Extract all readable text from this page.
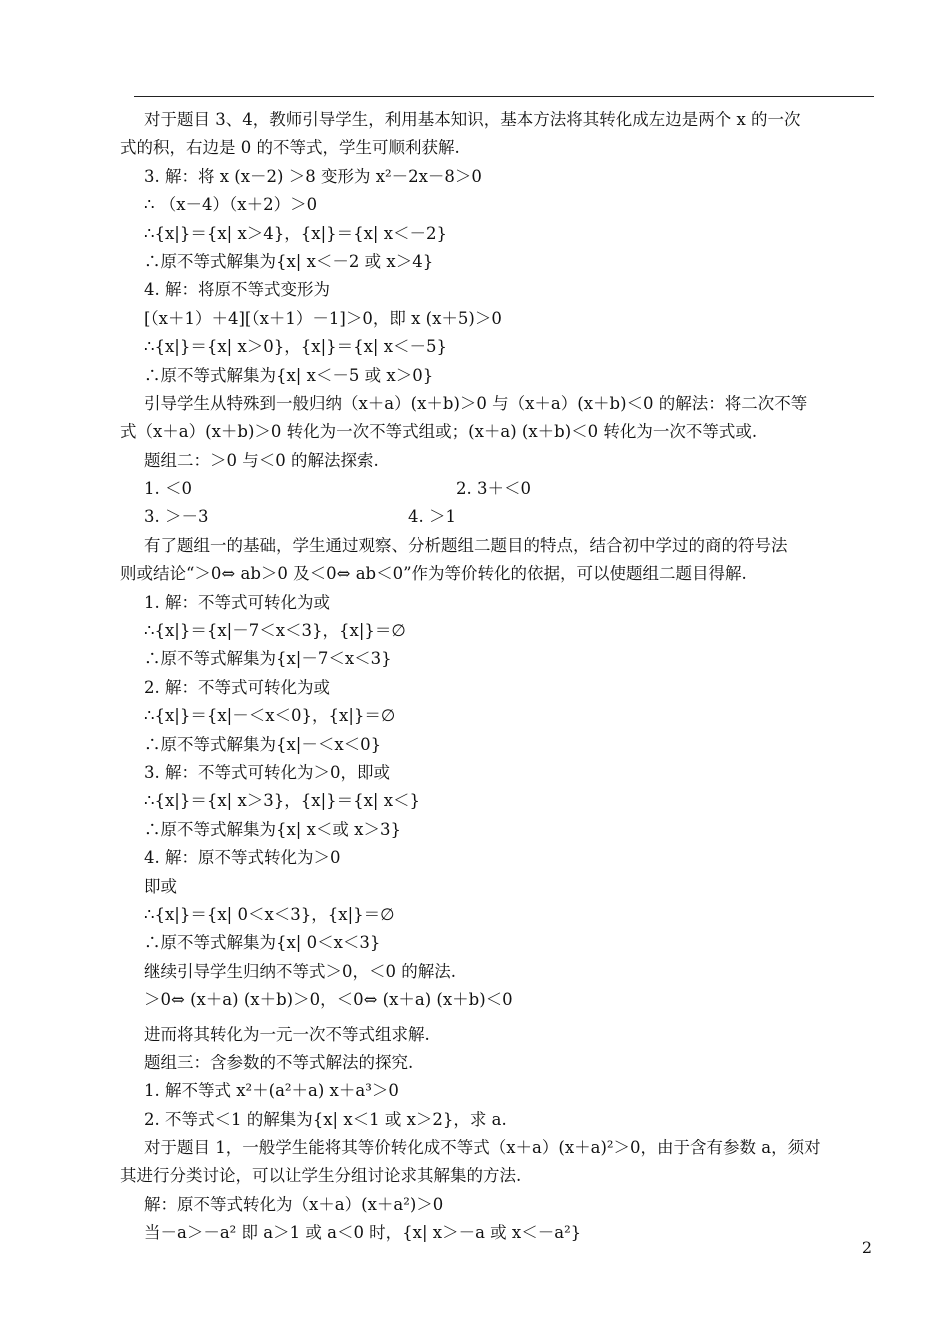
对于题目 3、4，教师引导学生，利用基本知识，基本方法将其转化成左边是两个 x 的一次
式的积，右边是 0 的不等式，学生可顺利获解.
3. 解：将 x (x－2) ＞8 变形为 x²－2x－8＞0
∴ （x－4）（x＋2）＞0
∴{x|}＝{x| x＞4}，{x|}＝{x| x＜－2}
∴原不等式解集为{x| x＜－2 或 x＞4}
4. 解：将原不等式变形为
[（x＋1）＋4][（x＋1）－1]＞0，即 x (x＋5)＞0
∴{x|}＝{x| x＞0}，{x|}＝{x| x＜－5}
∴原不等式解集为{x| x＜－5 或 x＞0}
引导学生从特殊到一般归纳（x＋a）(x＋b)＞0 与（x＋a）(x＋b)＜0 的解法：将二次不等
式（x＋a）(x＋b)＞0 转化为一次不等式组或；(x＋a) (x＋b)＜0 转化为一次不等式或.
题组二：＞0 与＜0 的解法探索.
1. ＜0	2. 3＋＜0
3. ＞－3	4. ＞1
有了题组一的基础，学生通过观察、分析题组二题目的特点，结合初中学过的商的符号法
则或结论“＞0⇔ ab＞0 及＜0⇔ ab＜0”作为等价转化的依据，可以使题组二题目得解.
1. 解：不等式可转化为或
∴{x|}＝{x|－7＜x＜3}，{x|}＝∅
∴原不等式解集为{x|－7＜x＜3}
2. 解：不等式可转化为或
∴{x|}＝{x|－＜x＜0}，{x|}＝∅
∴原不等式解集为{x|－＜x＜0}
3. 解：不等式可转化为＞0，即或
∴{x|}＝{x| x＞3}，{x|}＝{x| x＜}
∴原不等式解集为{x| x＜或 x＞3}
4. 解：原不等式转化为＞0
即或
∴{x|}＝{x| 0＜x＜3}，{x|}＝∅
∴原不等式解集为{x| 0＜x＜3}
继续引导学生归纳不等式＞0，＜0 的解法.
＞0⇔ (x＋a) (x＋b)＞0，＜0⇔ (x＋a) (x＋b)＜0
进而将其转化为一元一次不等式组求解.
题组三：含参数的不等式解法的探究.
1. 解不等式 x²＋(a²＋a) x＋a³＞0
2. 不等式＜1 的解集为{x| x＜1 或 x＞2}，求 a.
对于题目 1，一般学生能将其等价转化成不等式（x＋a）(x＋a)²＞0，由于含有参数 a，须对
其进行分类讨论，可以让学生分组讨论求其解集的方法.
解：原不等式转化为（x＋a）(x＋a²)＞0
当－a＞－a² 即 a＞1 或 a＜0 时，{x| x＞－a 或 x＜－a²}
2
